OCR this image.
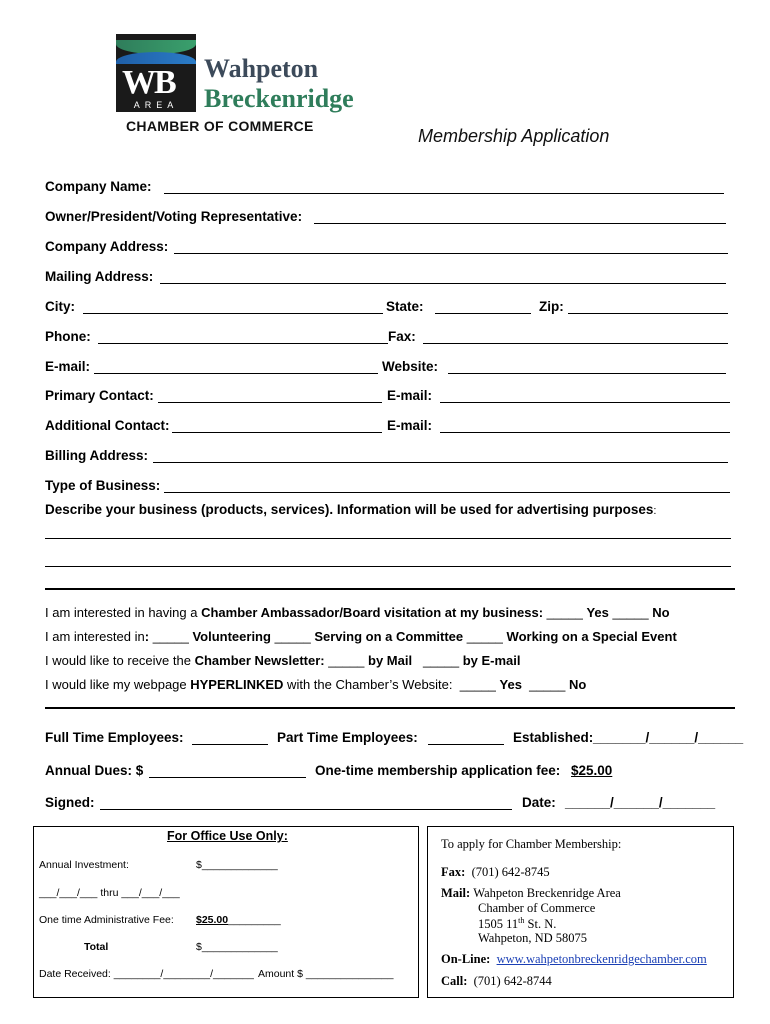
WB
AREA
Wahpeton
Breckenridge
CHAMBER OF COMMERCE	Membership Application
Company Name:
Owner/President/Voting Representative:
Company Address:
Mailing Address:
City:	State:	Zip:
Phone:	Fax:
E-mail:	Website:
Primary Contact:	E-mail:
Additional Contact:	E-mail:
Billing Address:
Type of Business:
Describe your business (products, services). Information will be used for advertising purposes:
I am interested in having a Chamber Ambassador/Board visitation at my business: _____ Yes _____ No
I am interested in: _____ Volunteering _____ Serving on a Committee _____ Working on a Special Event
I would like to receive the Chamber Newsletter: _____ by Mail   _____ by E-mail
I would like my webpage HYPERLINKED with the Chamber’s Website:  _____ Yes  _____ No
Full Time Employees:	Part Time Employees:	Established: _______/______/______
Annual Dues: $	One-time membership application fee: $25.00
Signed:	Date: ______/______/_______
For Office Use Only:
Annual Investment:	$_____________
___/___/___ thru ___/___/___
One time Administrative Fee: $25.00_________
Total	$_____________
Date Received: ________/________/_______ Amount $ _______________
To apply for Chamber Membership:
Fax: (701) 642-8745
Mail: Wahpeton Breckenridge Area
Chamber of Commerce
1505 11th St. N.
Wahpeton, ND 58075
On-Line: www.wahpetonbreckenridgechamber.com
Call: (701) 642-8744
